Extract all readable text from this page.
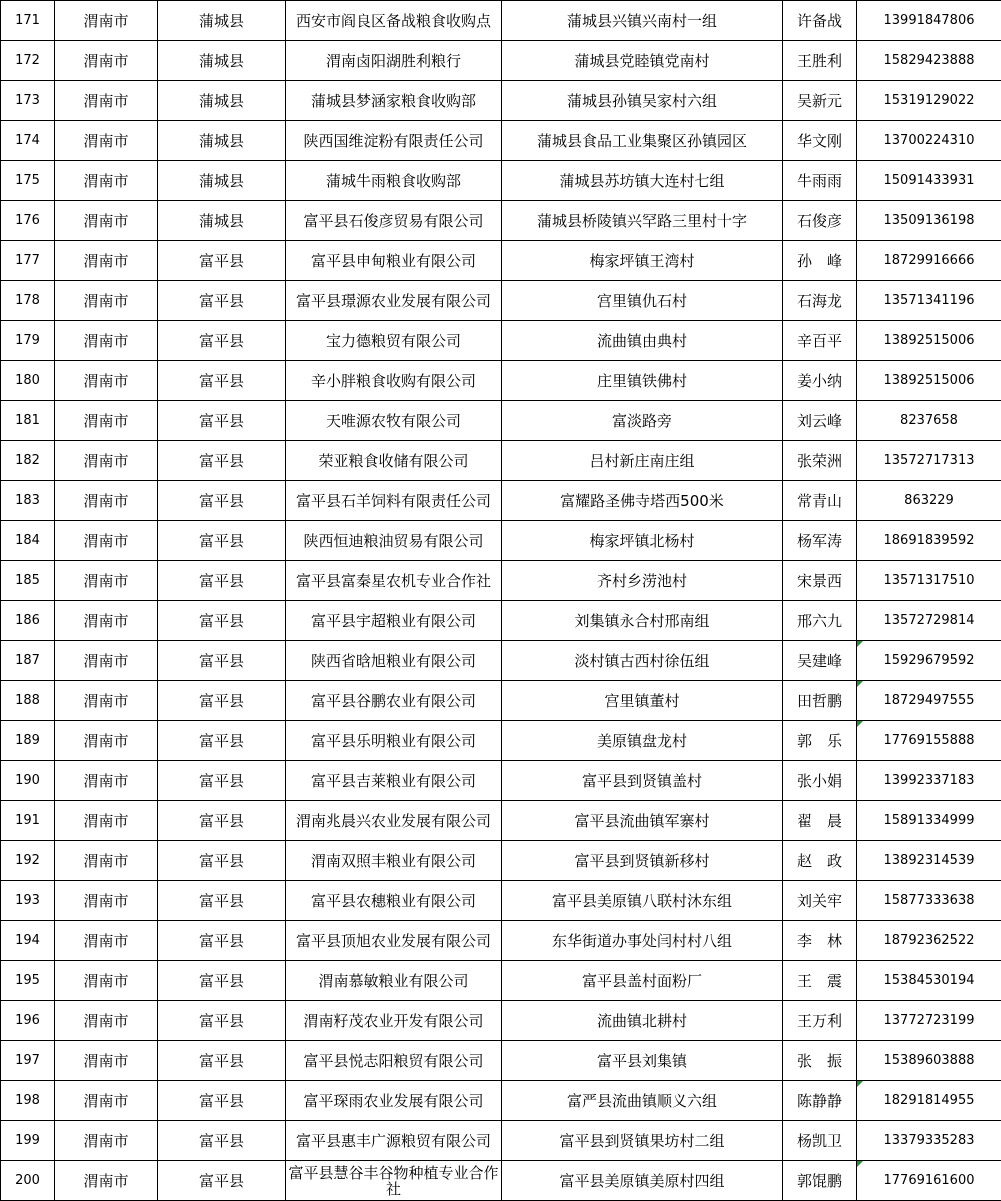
171	渭南市	蒲城县	西安市阎良区备战粮食收购点	蒲城县兴镇兴南村一组	许备战	13991847806
172	渭南市	蒲城县	渭南卤阳湖胜利粮行	蒲城县党睦镇党南村	王胜利	15829423888
173	渭南市	蒲城县	蒲城县梦涵家粮食收购部	蒲城县孙镇吴家村六组	吴新元	15319129022
174	渭南市	蒲城县	陕西国维淀粉有限责任公司	蒲城县食品工业集聚区孙镇园区	华文刚	13700224310
175	渭南市	蒲城县	蒲城牛雨粮食收购部	蒲城县苏坊镇大连村七组	牛雨雨	15091433931
176	渭南市	蒲城县	富平县石俊彦贸易有限公司	蒲城县桥陵镇兴罕路三里村十字	石俊彦	13509136198
177	渭南市	富平县	富平县申甸粮业有限公司	梅家坪镇王湾村	孙　峰	18729916666
178	渭南市	富平县	富平县璟源农业发展有限公司	宫里镇仇石村	石海龙	13571341196
179	渭南市	富平县	宝力德粮贸有限公司	流曲镇由典村	辛百平	13892515006
180	渭南市	富平县	辛小胖粮食收购有限公司	庄里镇铁佛村	姜小纳	13892515006
181	渭南市	富平县	天唯源农牧有限公司	富淡路旁	刘云峰	8237658
182	渭南市	富平县	荣亚粮食收储有限公司	吕村新庄南庄组	张荣洲	13572717313
183	渭南市	富平县	富平县石羊饲料有限责任公司	富耀路圣佛寺塔西500米	常青山	863229
184	渭南市	富平县	陕西恒迪粮油贸易有限公司	梅家坪镇北杨村	杨军涛	18691839592
185	渭南市	富平县	富平县富秦星农机专业合作社	齐村乡涝池村	宋景西	13571317510
186	渭南市	富平县	富平县宇超粮业有限公司	刘集镇永合村邢南组	邢六九	13572729814
187	渭南市	富平县	陕西省晗旭粮业有限公司	淡村镇古西村徐伍组	吴建峰	15929679592
188	渭南市	富平县	富平县谷鹏农业有限公司	宫里镇董村	田哲鹏	18729497555
189	渭南市	富平县	富平县乐明粮业有限公司	美原镇盘龙村	郭　乐	17769155888
190	渭南市	富平县	富平县吉莱粮业有限公司	富平县到贤镇盖村	张小娟	13992337183
191	渭南市	富平县	渭南兆晨兴农业发展有限公司	富平县流曲镇军寨村	翟　晨	15891334999
192	渭南市	富平县	渭南双照丰粮业有限公司	富平县到贤镇新移村	赵　政	13892314539
193	渭南市	富平县	富平县农穗粮业有限公司	富平县美原镇八联村沐东组	刘关牢	15877333638
194	渭南市	富平县	富平县顶旭农业发展有限公司	东华街道办事处闫村村八组	李　林	18792362522
195	渭南市	富平县	渭南慕敏粮业有限公司	富平县盖村面粉厂	王　震	15384530194
196	渭南市	富平县	渭南籽茂农业开发有限公司	流曲镇北耕村	王万利	13772723199
197	渭南市	富平县	富平县悦志阳粮贸有限公司	富平县刘集镇	张　振	15389603888
198	渭南市	富平县	富平琛雨农业发展有限公司	富严县流曲镇顺义六组	陈静静	18291814955
199	渭南市	富平县	富平县惠丰广源粮贸有限公司	富平县到贤镇果坊村二组	杨凯卫	13379335283
200	渭南市	富平县	富平县慧谷丰谷物种植专业合作社	富平县美原镇美原村四组	郭馄鹏	17769161600
